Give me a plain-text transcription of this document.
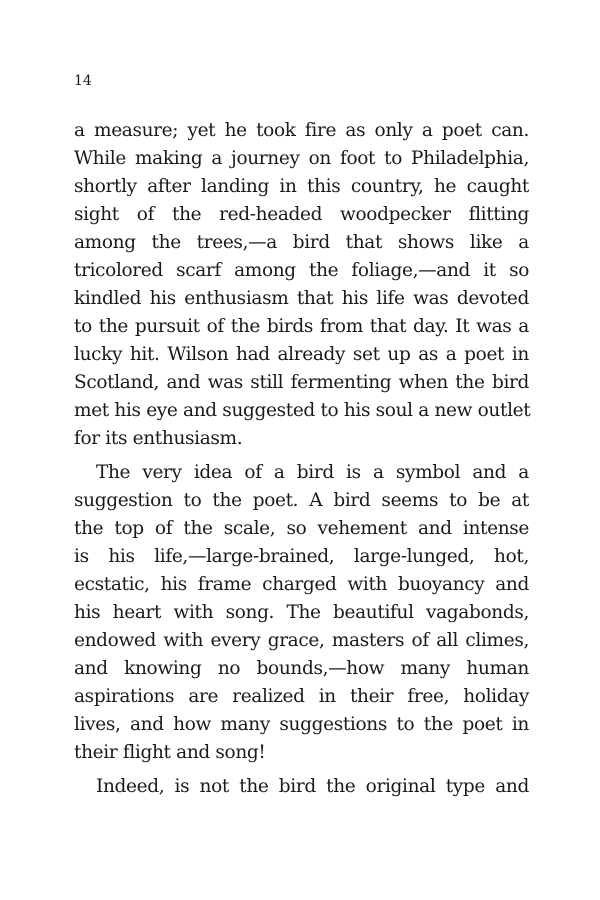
14
a measure; yet he took fire as only a poet can.
While making a journey on foot to Philadelphia,
shortly after landing in this country, he caught
sight of the red-headed woodpecker flitting
among the trees,—a bird that shows like a
tricolored scarf among the foliage,—and it so
kindled his enthusiasm that his life was devoted
to the pursuit of the birds from that day. It was a
lucky hit. Wilson had already set up as a poet in
Scotland, and was still fermenting when the bird
met his eye and suggested to his soul a new outlet
for its enthusiasm.
The very idea of a bird is a symbol and a
suggestion to the poet. A bird seems to be at
the top of the scale, so vehement and intense
is his life,—large-brained, large-lunged, hot,
ecstatic, his frame charged with buoyancy and
his heart with song. The beautiful vagabonds,
endowed with every grace, masters of all climes,
and knowing no bounds,—how many human
aspirations are realized in their free, holiday
lives, and how many suggestions to the poet in
their flight and song!
Indeed, is not the bird the original type and
